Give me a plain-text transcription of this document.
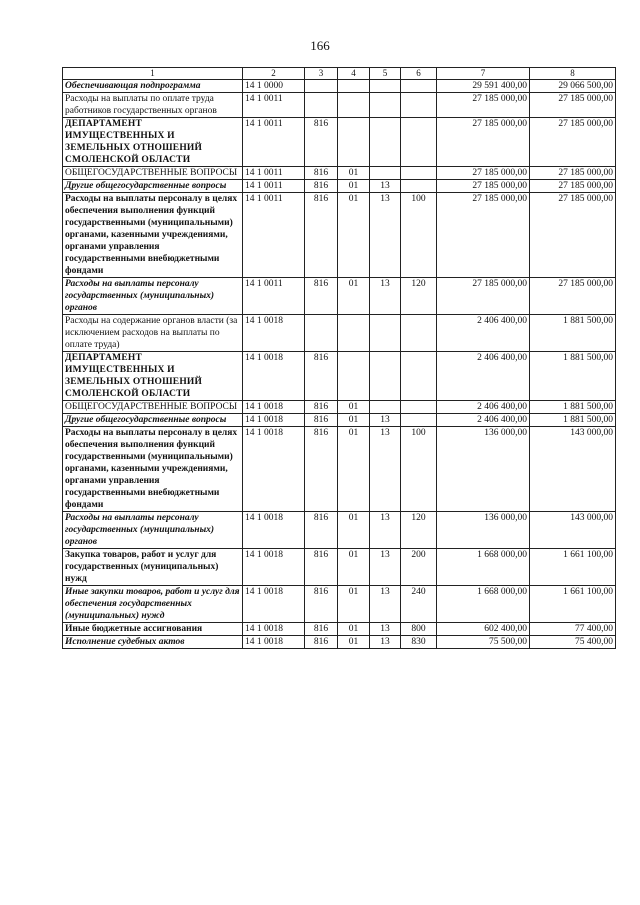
166
1	2	3	4	5	6	7	8
Обеспечивающая подпрограмма	14 1 0000					29 591 400,00	29 066 500,00
Расходы на выплаты по оплате труда работников государственных органов	14 1 0011					27 185 000,00	27 185 000,00
ДЕПАРТАМЕНТ ИМУЩЕСТВЕННЫХ И ЗЕМЕЛЬНЫХ ОТНОШЕНИЙ СМОЛЕНСКОЙ ОБЛАСТИ	14 1 0011	816				27 185 000,00	27 185 000,00
ОБЩЕГОСУДАРСТВЕННЫЕ ВОПРОСЫ	14 1 0011	816	01			27 185 000,00	27 185 000,00
Другие общегосударственные вопросы	14 1 0011	816	01	13		27 185 000,00	27 185 000,00
Расходы на выплаты персоналу в целях обеспечения выполнения функций государственными (муниципальными) органами, казенными учреждениями, органами управления государственными внебюджетными фондами	14 1 0011	816	01	13	100	27 185 000,00	27 185 000,00
Расходы на выплаты персоналу государственных (муниципальных) органов	14 1 0011	816	01	13	120	27 185 000,00	27 185 000,00
Расходы на содержание органов власти (за исключением расходов на выплаты по оплате труда)	14 1 0018					2 406 400,00	1 881 500,00
ДЕПАРТАМЕНТ ИМУЩЕСТВЕННЫХ И ЗЕМЕЛЬНЫХ ОТНОШЕНИЙ СМОЛЕНСКОЙ ОБЛАСТИ	14 1 0018	816				2 406 400,00	1 881 500,00
ОБЩЕГОСУДАРСТВЕННЫЕ ВОПРОСЫ	14 1 0018	816	01			2 406 400,00	1 881 500,00
Другие общегосударственные вопросы	14 1 0018	816	01	13		2 406 400,00	1 881 500,00
Расходы на выплаты персоналу в целях обеспечения выполнения функций государственными (муниципальными) органами, казенными учреждениями, органами управления государственными внебюджетными фондами	14 1 0018	816	01	13	100	136 000,00	143 000,00
Расходы на выплаты персоналу государственных (муниципальных) органов	14 1 0018	816	01	13	120	136 000,00	143 000,00
Закупка товаров, работ и услуг для государственных (муниципальных) нужд	14 1 0018	816	01	13	200	1 668 000,00	1 661 100,00
Иные закупки товаров, работ и услуг для обеспечения государственных (муниципальных) нужд	14 1 0018	816	01	13	240	1 668 000,00	1 661 100,00
Иные бюджетные ассигнования	14 1 0018	816	01	13	800	602 400,00	77 400,00
Исполнение судебных актов	14 1 0018	816	01	13	830	75 500,00	75 400,00
